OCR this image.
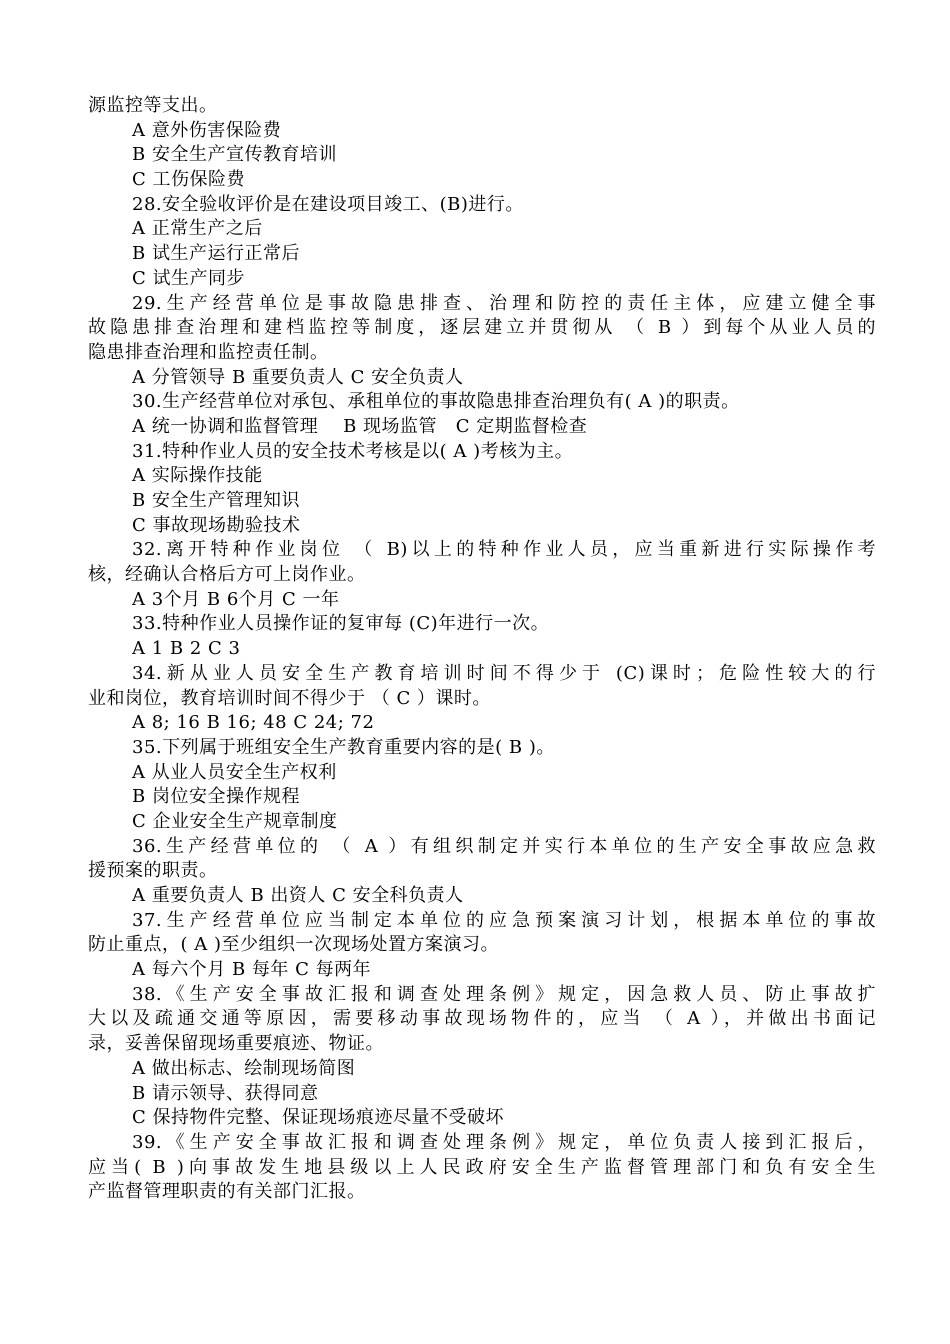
源监控等支出。
A 意外伤害保险费
B 安全生产宣传教育培训
C 工伤保险费
28.安全验收评价是在建设项目竣工、(B)进行。
A 正常生产之后
B 试生产运行正常后
C 试生产同步
29.生产经营单位是事故隐患排查、治理和防控的责任主体，应建立健全事
故隐患排查治理和建档监控等制度，逐层建立并贯彻从 （ B ）到每个从业人员的
隐患排查治理和监控责任制。
A 分管领导 B 重要负责人 C 安全负责人
30.生产经营单位对承包、承租单位的事故隐患排查治理负有( A )的职责。
A 统一协调和监督管理    B 现场监管   C 定期监督检查
31.特种作业人员的安全技术考核是以( A )考核为主。
A 实际操作技能
B 安全生产管理知识
C 事故现场勘验技术
32.离开特种作业岗位 （ B)以上的特种作业人员，应当重新进行实际操作考
核，经确认合格后方可上岗作业。
A 3个月 B 6个月 C 一年
33.特种作业人员操作证的复审每 (C)年进行一次。
A 1 B 2 C 3
34.新从业人员安全生产教育培训时间不得少于 (C)课时；危险性较大的行
业和岗位，教育培训时间不得少于 （ C ）课时。
A 8; 16 B 16; 48 C 24; 72
35.下列属于班组安全生产教育重要内容的是( B )。
A 从业人员安全生产权利
B 岗位安全操作规程
C 企业安全生产规章制度
36.生产经营单位的 （ A ）有组织制定并实行本单位的生产安全事故应急救
援预案的职责。
A 重要负责人 B 出资人 C 安全科负责人
37.生产经营单位应当制定本单位的应急预案演习计划，根据本单位的事故
防止重点，( A )至少组织一次现场处置方案演习。
A 每六个月 B 每年 C 每两年
38.《生产安全事故汇报和调查处理条例》规定，因急救人员、防止事故扩
大以及疏通交通等原因，需要移动事故现场物件的，应当 （ A ），并做出书面记
录，妥善保留现场重要痕迹、物证。
A 做出标志、绘制现场简图
B 请示领导、获得同意
C 保持物件完整、保证现场痕迹尽量不受破坏
39.《生产安全事故汇报和调查处理条例》规定，单位负责人接到汇报后，
应当( B )向事故发生地县级以上人民政府安全生产监督管理部门和负有安全生
产监督管理职责的有关部门汇报。
